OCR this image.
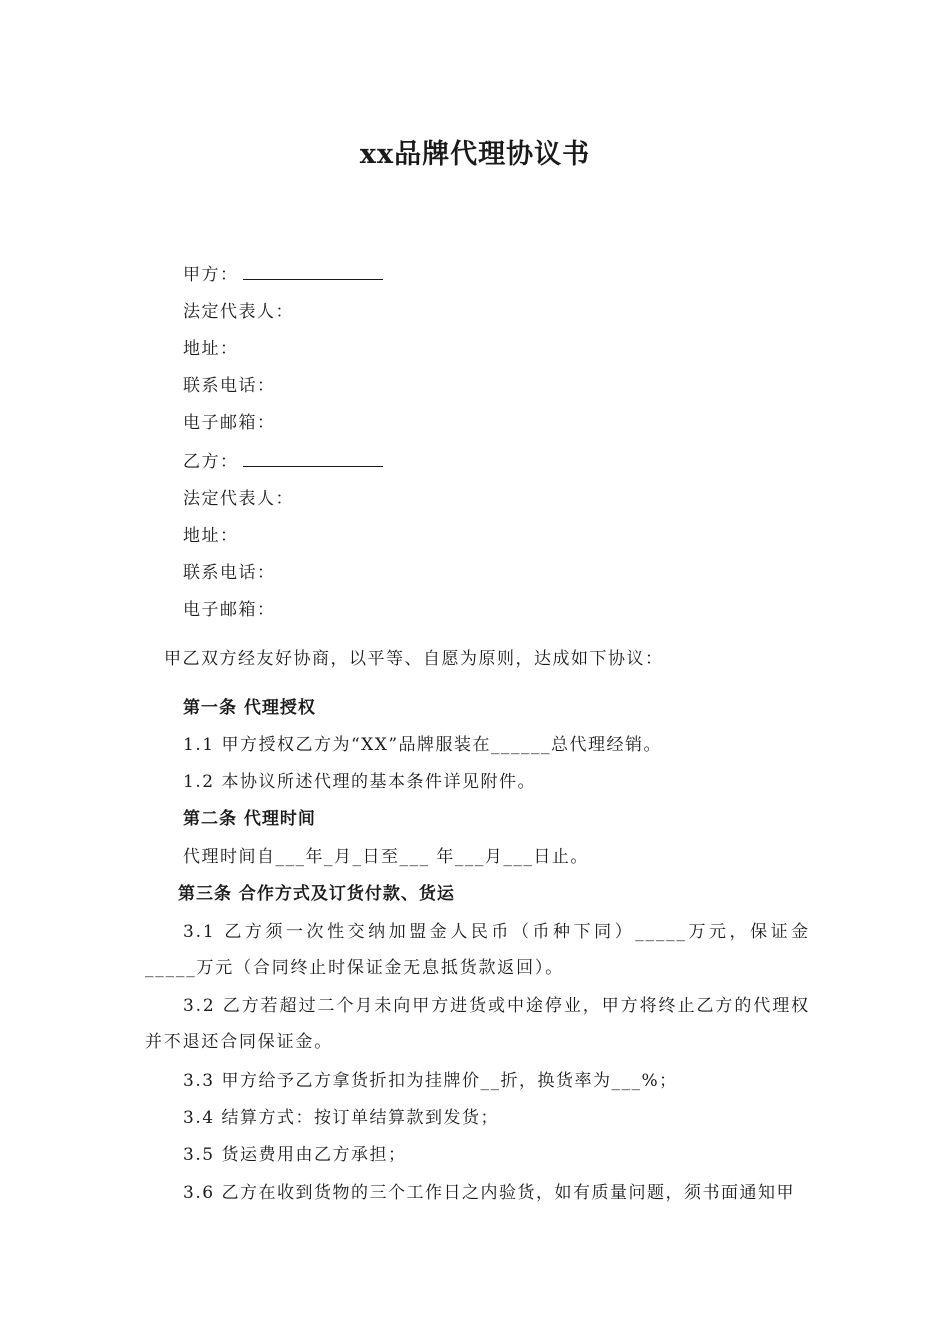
xx品牌代理协议书
甲方：
法定代表人：
地址：
联系电话：
电子邮箱：
乙方：
法定代表人：
地址：
联系电话：
电子邮箱：
甲乙双方经友好协商，以平等、自愿为原则，达成如下协议：
第一条 代理授权
1.1 甲方授权乙方为“XX”品牌服装在______总代理经销。
1.2 本协议所述代理的基本条件详见附件。
第二条 代理时间
代理时间自___年_月_日至___ 年___月___日止。
第三条 合作方式及订货付款、货运
3.1 乙方须一次性交纳加盟金人民币（币种下同）_____万元，保证金_____万元（合同终止时保证金无息抵货款返回）。
3.2 乙方若超过二个月未向甲方进货或中途停业，甲方将终止乙方的代理权并不退还合同保证金。
3.3 甲方给予乙方拿货折扣为挂牌价__折，换货率为___%；
3.4 结算方式：按订单结算款到发货；
3.5 货运费用由乙方承担；
3.6 乙方在收到货物的三个工作日之内验货，如有质量问题，须书面通知甲
